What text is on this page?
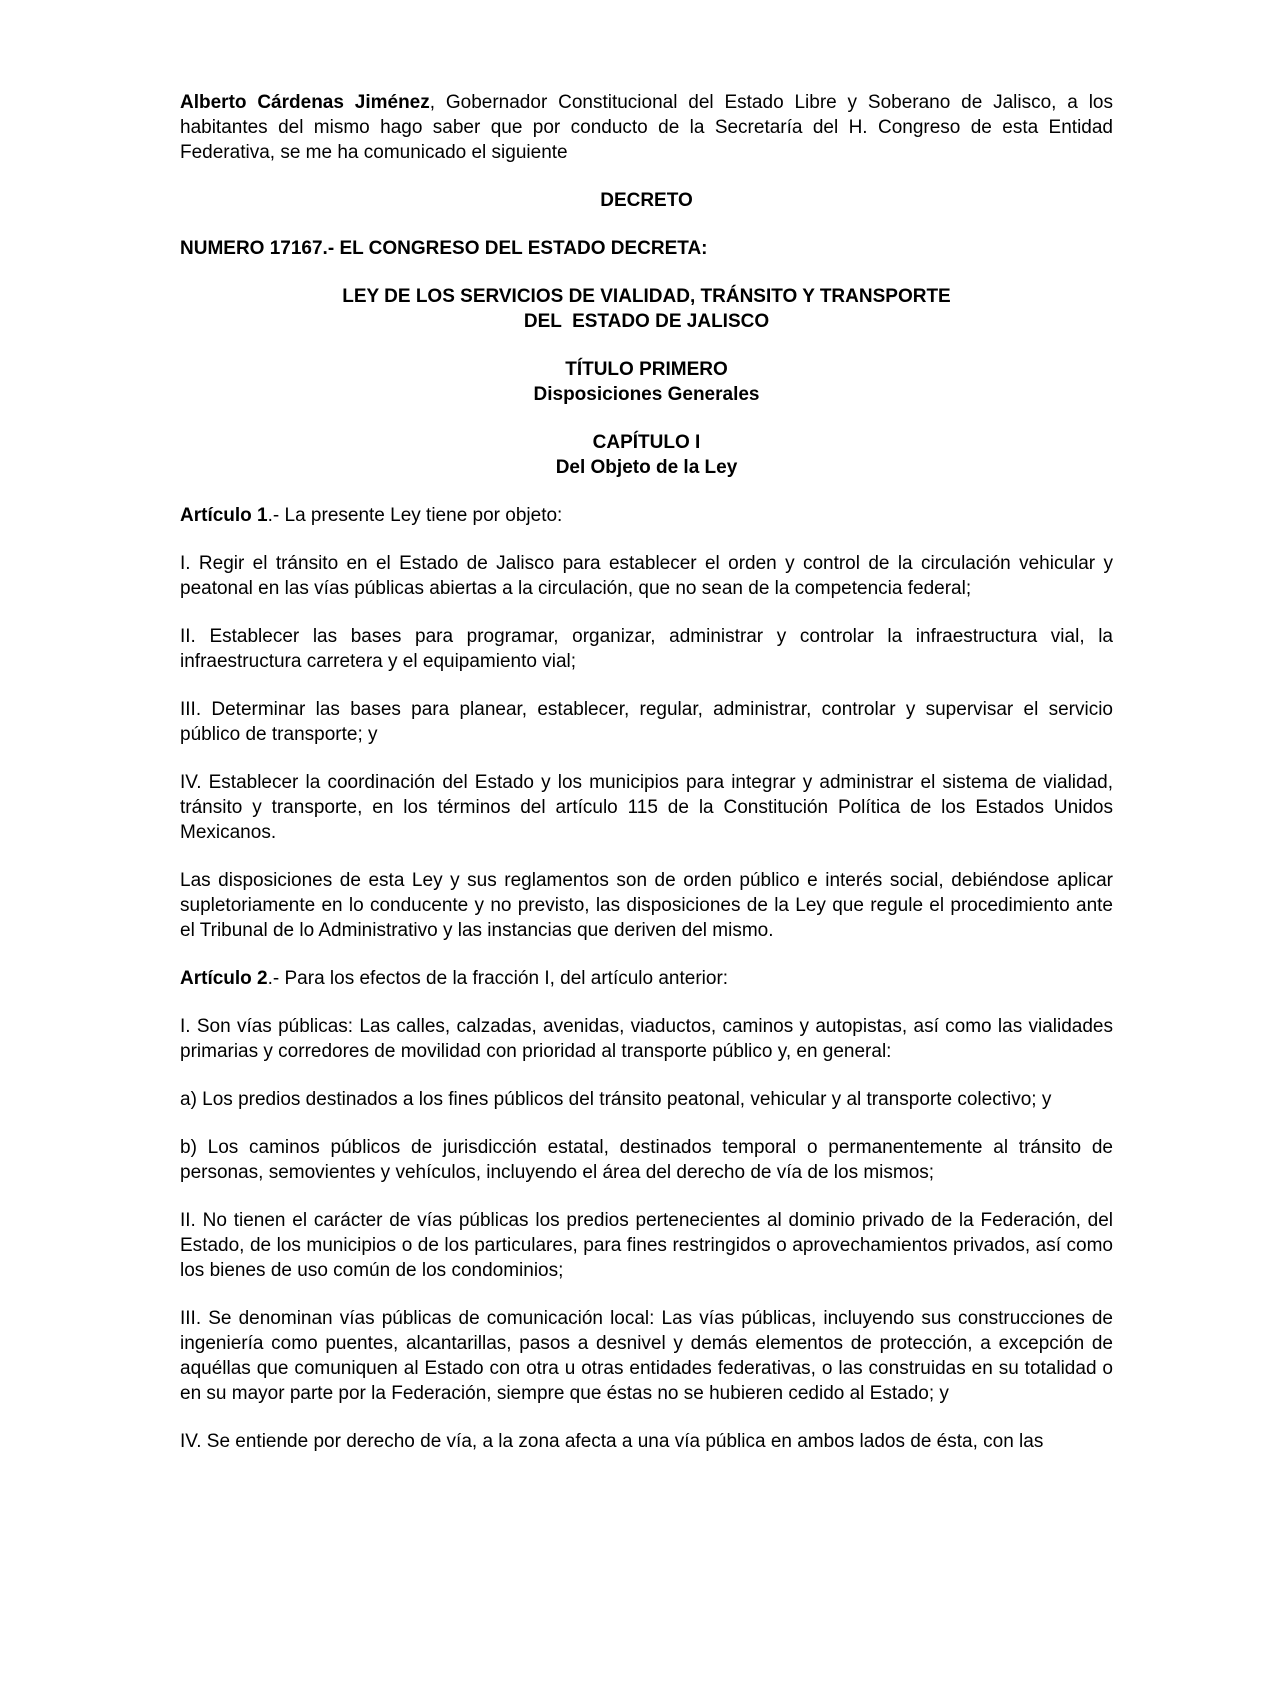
Alberto Cárdenas Jiménez, Gobernador Constitucional del Estado Libre y Soberano de Jalisco, a los habitantes del mismo hago saber que por conducto de la Secretaría del H. Congreso de esta Entidad Federativa, se me ha comunicado el siguiente

DECRETO
NUMERO 17167.- EL CONGRESO DEL ESTADO DECRETA:
LEY DE LOS SERVICIOS DE VIALIDAD, TRÁNSITO Y TRANSPORTE
DEL  ESTADO DE JALISCO
TÍTULO PRIMERO
Disposiciones Generales
CAPÍTULO I
Del Objeto de la Ley

Artículo 1.- La presente Ley tiene por objeto:

I. Regir el tránsito en el Estado de Jalisco para establecer el orden y control de la circulación vehicular y peatonal en las vías públicas abiertas a la circulación, que no sean de la competencia federal;

II. Establecer las bases para programar, organizar, administrar y controlar la infraestructura vial, la infraestructura carretera y el equipamiento vial;

III. Determinar las bases para planear, establecer, regular, administrar, controlar y supervisar el servicio público de transporte; y

IV. Establecer la coordinación del Estado y los municipios para integrar y administrar el sistema de vialidad, tránsito y transporte, en los términos del artículo 115 de la Constitución Política de los Estados Unidos Mexicanos.

Las disposiciones de esta Ley y sus reglamentos son de orden público e interés social, debiéndose aplicar supletoriamente en lo conducente y no previsto, las disposiciones de la Ley que regule el procedimiento ante el Tribunal de lo Administrativo y las instancias que deriven del mismo.

Artículo 2.- Para los efectos de la fracción I, del artículo anterior:

I. Son vías públicas: Las calles, calzadas, avenidas, viaductos, caminos y autopistas, así como las vialidades primarias y corredores de movilidad con prioridad al transporte público y, en general:

a) Los predios destinados a los fines públicos del tránsito peatonal, vehicular y al transporte colectivo; y

b) Los caminos públicos de jurisdicción estatal, destinados temporal o permanentemente al tránsito de personas, semovientes y vehículos, incluyendo el área del derecho de vía de los mismos;

II. No tienen el carácter de vías públicas los predios pertenecientes al dominio privado de la Federación, del Estado, de los municipios o de los particulares, para fines restringidos o aprovechamientos privados, así como los bienes de uso común de los condominios;

III. Se denominan vías públicas de comunicación local: Las vías públicas, incluyendo sus construcciones de ingeniería como puentes, alcantarillas, pasos a desnivel y demás elementos de protección, a excepción de aquéllas que comuniquen al Estado con otra u otras entidades federativas, o las construidas en su totalidad o en su mayor parte por la Federación, siempre que éstas no se hubieren cedido al Estado; y

IV. Se entiende por derecho de vía, a la zona afecta a una vía pública en ambos lados de ésta, con las
